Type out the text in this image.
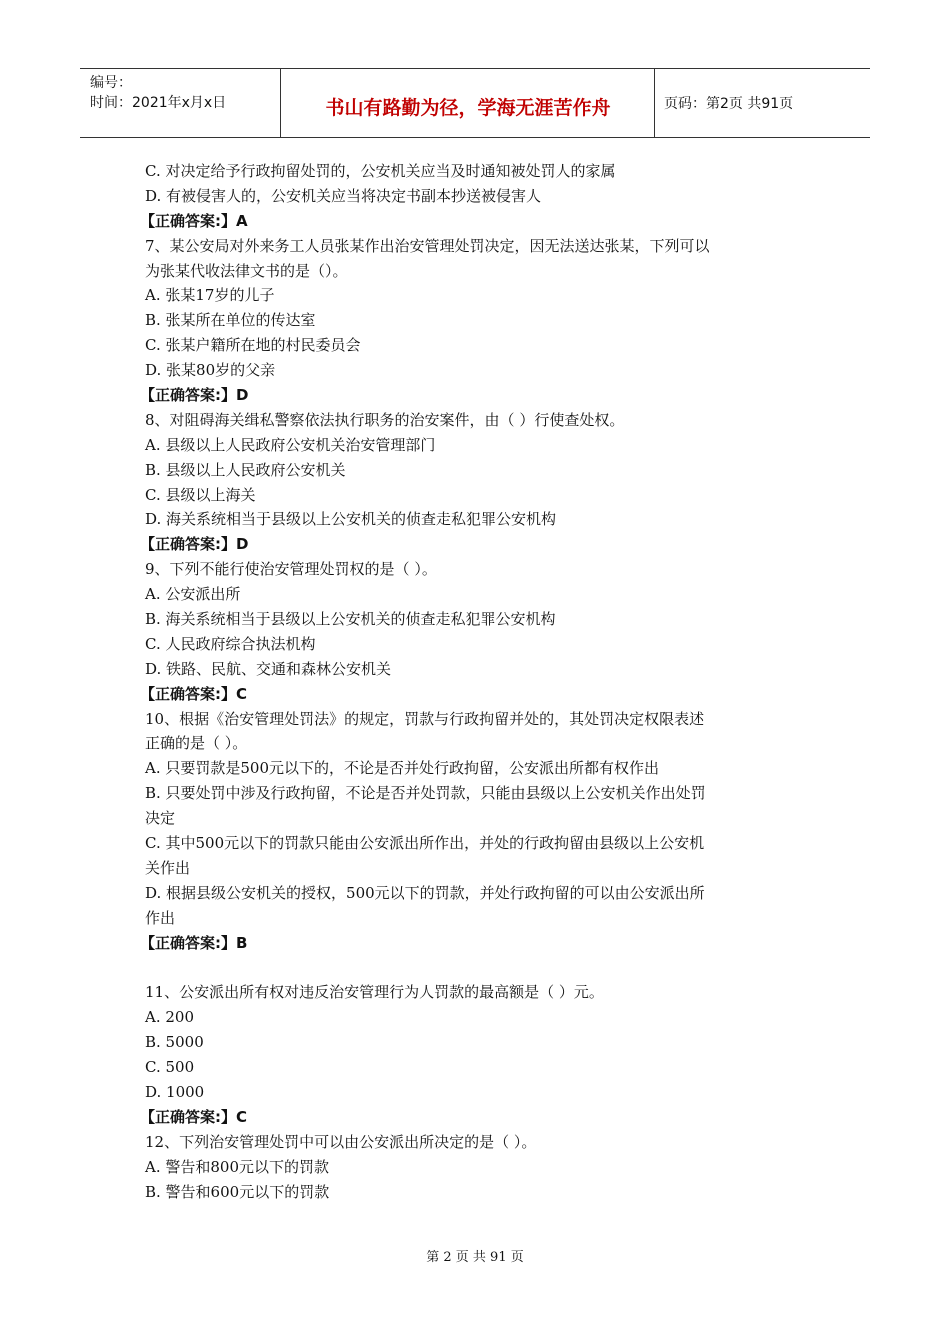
编号：
时间：2021年x月x日	书山有路勤为径，学海无涯苦作舟	页码：第2页 共91页
C. 对决定给予行政拘留处罚的，公安机关应当及时通知被处罚人的家属
D. 有被侵害人的，公安机关应当将决定书副本抄送被侵害人
【正确答案:】A
7、某公安局对外来务工人员张某作出治安管理处罚决定，因无法送达张某，下列可以
为张某代收法律文书的是（）。
A. 张某17岁的儿子
B. 张某所在单位的传达室
C. 张某户籍所在地的村民委员会
D. 张某80岁的父亲
【正确答案:】D
8、对阻碍海关缉私警察依法执行职务的治安案件，由（ ）行使查处权。
A. 县级以上人民政府公安机关治安管理部门
B. 县级以上人民政府公安机关
C. 县级以上海关
D. 海关系统相当于县级以上公安机关的侦查走私犯罪公安机构
【正确答案:】D
9、下列不能行使治安管理处罚权的是（ ）。
A. 公安派出所
B. 海关系统相当于县级以上公安机关的侦查走私犯罪公安机构
C. 人民政府综合执法机构
D. 铁路、民航、交通和森林公安机关
【正确答案:】C
10、根据《治安管理处罚法》的规定，罚款与行政拘留并处的，其处罚决定权限表述
正确的是（ ）。
A. 只要罚款是500元以下的，不论是否并处行政拘留，公安派出所都有权作出
B. 只要处罚中涉及行政拘留，不论是否并处罚款，只能由县级以上公安机关作出处罚
决定
C. 其中500元以下的罚款只能由公安派出所作出，并处的行政拘留由县级以上公安机
关作出
D. 根据县级公安机关的授权，500元以下的罚款，并处行政拘留的可以由公安派出所
作出
【正确答案:】B
11、公安派出所有权对违反治安管理行为人罚款的最高额是（ ）元。
A. 200
B. 5000
C. 500
D. 1000
【正确答案:】C
12、下列治安管理处罚中可以由公安派出所决定的是（ ）。
A. 警告和800元以下的罚款
B. 警告和600元以下的罚款
第 2 页 共 91 页
